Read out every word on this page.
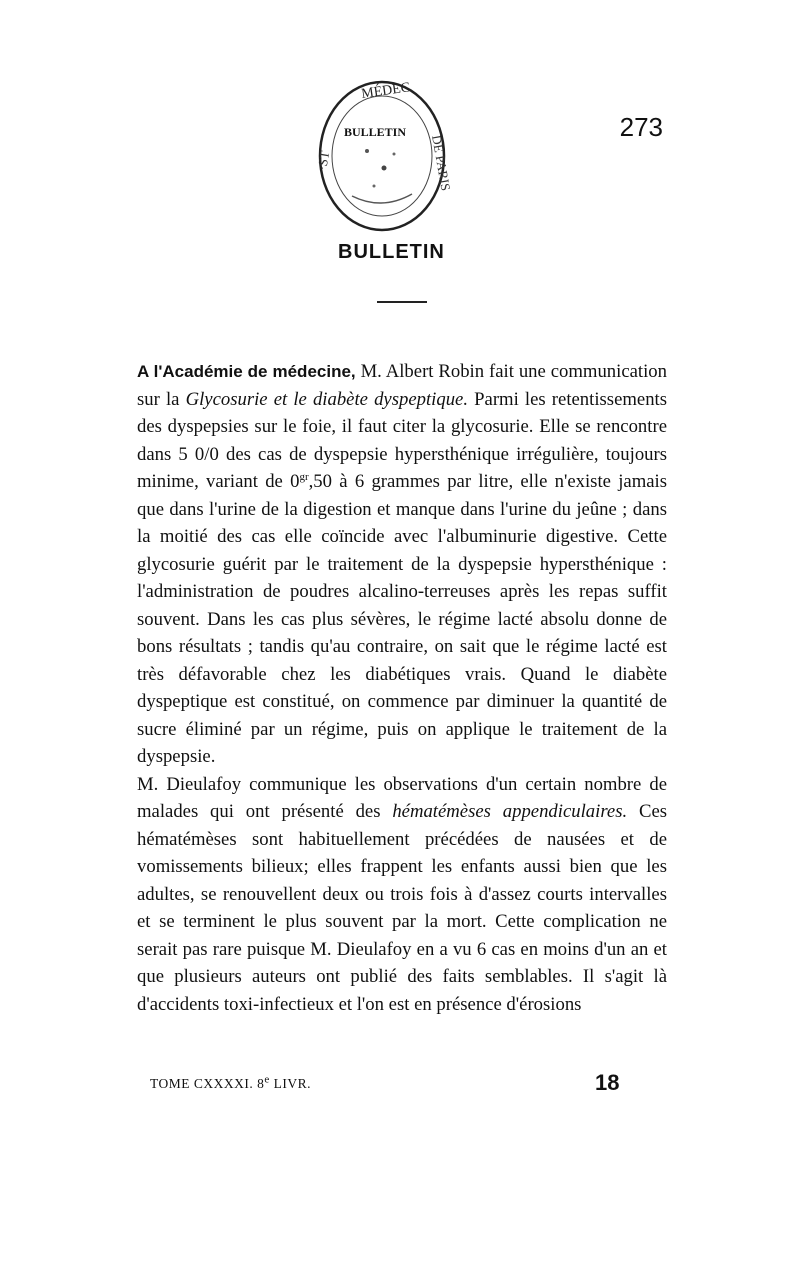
MÉDEC
BULLETIN
·ST	DE PARIS
BULLETIN
273

A l'Académie de médecine, M. Albert Robin fait une communication sur la Glycosurie et le diabète dyspeptique. Parmi les retentissements des dyspepsies sur le foie, il faut citer la glycosurie. Elle se rencontre dans 5 0/0 des cas de dyspepsie hypersthénique irrégulière, toujours minime, variant de $0^{gr},50$ à 6 grammes par litre, elle n'existe jamais que dans l'urine de la digestion et manque dans l'urine du jeûne ; dans la moitié des cas elle coïncide avec l'albuminurie digestive. Cette glycosurie guérit par le traitement de la dyspepsie hypersthénique : l'administration de poudres alcalino-terreuses après les repas suffit souvent. Dans les cas plus sévères, le régime lacté absolu donne de bons résultats ; tandis qu'au contraire, on sait que le régime lacté est très défavorable chez les diabétiques vrais. Quand le diabète dyspeptique est constitué, on commence par diminuer la quantité de sucre éliminé par un régime, puis on applique le traitement de la dyspepsie.

M. Dieulafoy communique les observations d'un certain nombre de malades qui ont présenté des hématémèses appendiculaires. Ces hématémèses sont habituellement précédées de nausées et de vomissements bilieux; elles frappent les enfants aussi bien que les adultes, se renouvellent deux ou trois fois à d'assez courts intervalles et se terminent le plus souvent par la mort. Cette complication ne serait pas rare puisque M. Dieulafoy en a vu 6 cas en moins d'un an et que plusieurs auteurs ont publié des faits semblables. Il s'agit là d'accidents toxi-infectieux et l'on est en présence d'érosions

TOME CXXXXI. 8e LIVR.	18
